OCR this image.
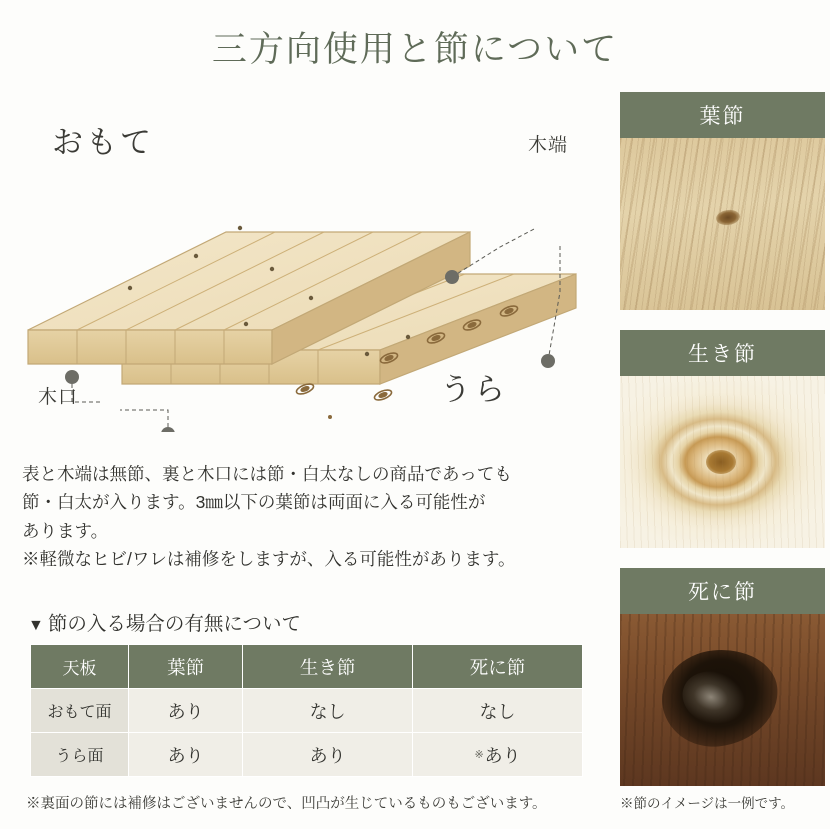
三方向使用と節について
おもて
うら
木端
木口

表と木端は無節、裏と木口には節・白太なしの商品であっても

節・白太が入ります。3㎜以下の葉節は両面に入る可能性が

あります。

※軽微なヒビ/ワレは補修をしますが、入る可能性があります。

▼ 節の入る場合の有無について
天板	葉節	生き節	死に節
おもて面	あり	なし	なし
うら面	あり	あり	※あり
※裏面の節には補修はございませんので、凹凸が生じているものもございます。
葉節
生き節
死に節
※節のイメージは一例です。
